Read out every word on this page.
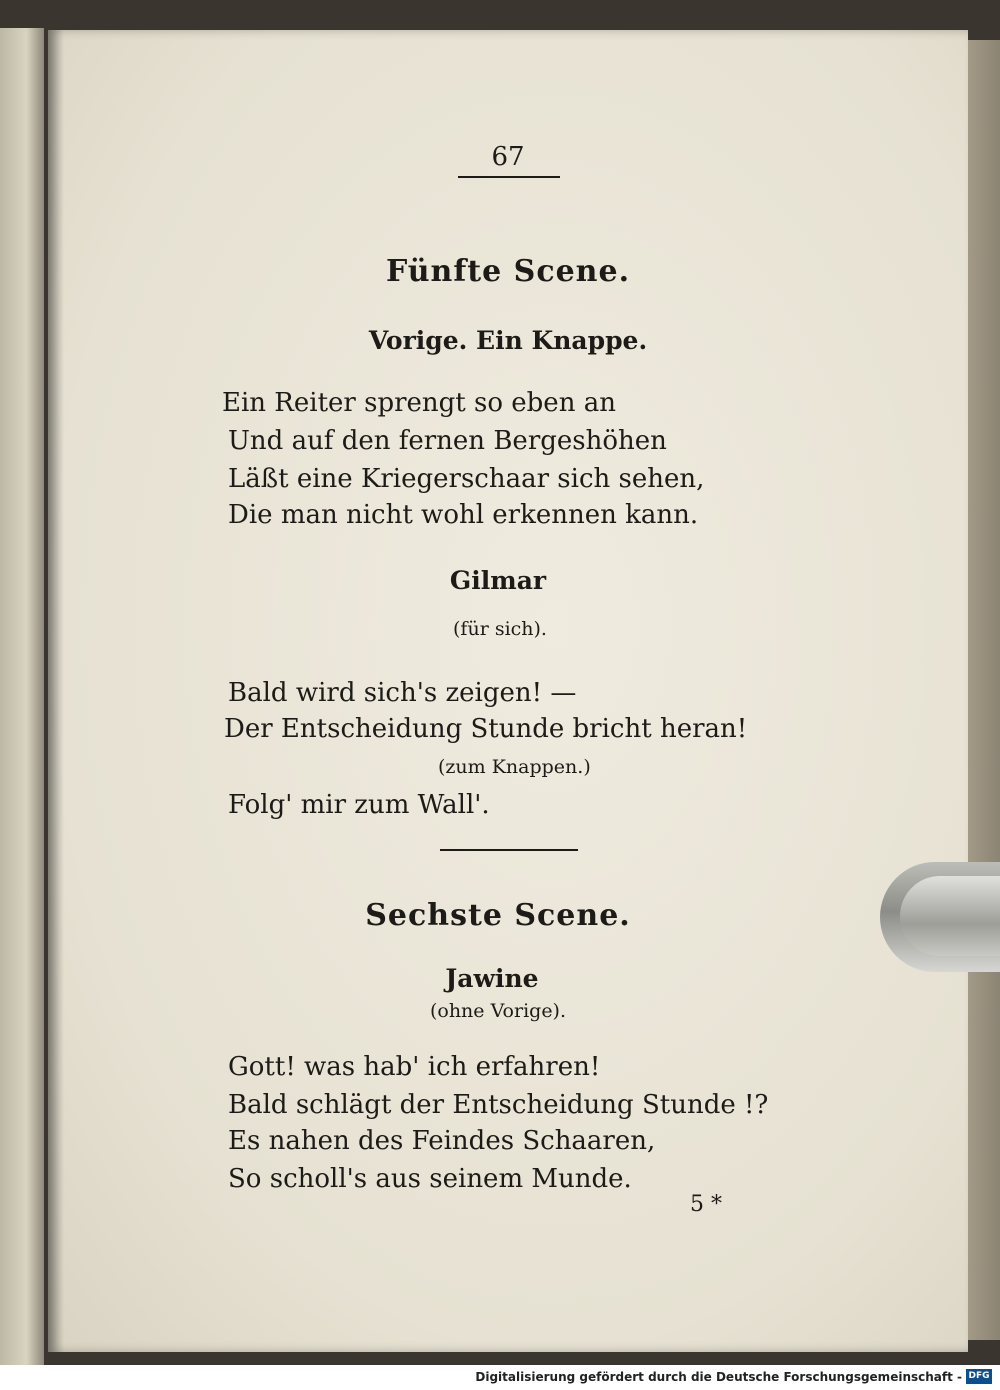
67
Fünfte Scene.
Vorige. Ein Knappe.
Ein Reiter sprengt so eben an
Und auf den fernen Bergeshöhen
Läßt eine Kriegerschaar sich sehen,
Die man nicht wohl erkennen kann.
Gilmar
(für sich).
Bald wird sich's zeigen! —
Der Entscheidung Stunde bricht heran!
(zum Knappen.)
Folg' mir zum Wall'.
Sechste Scene.
Jawine
(ohne Vorige).
Gott! was hab' ich erfahren!
Bald schlägt der Entscheidung Stunde !?
Es nahen des Feindes Schaaren,
So scholl's aus seinem Munde.
5 *
Digitalisierung gefördert durch die Deutsche Forschungsgemeinschaft - DFG
